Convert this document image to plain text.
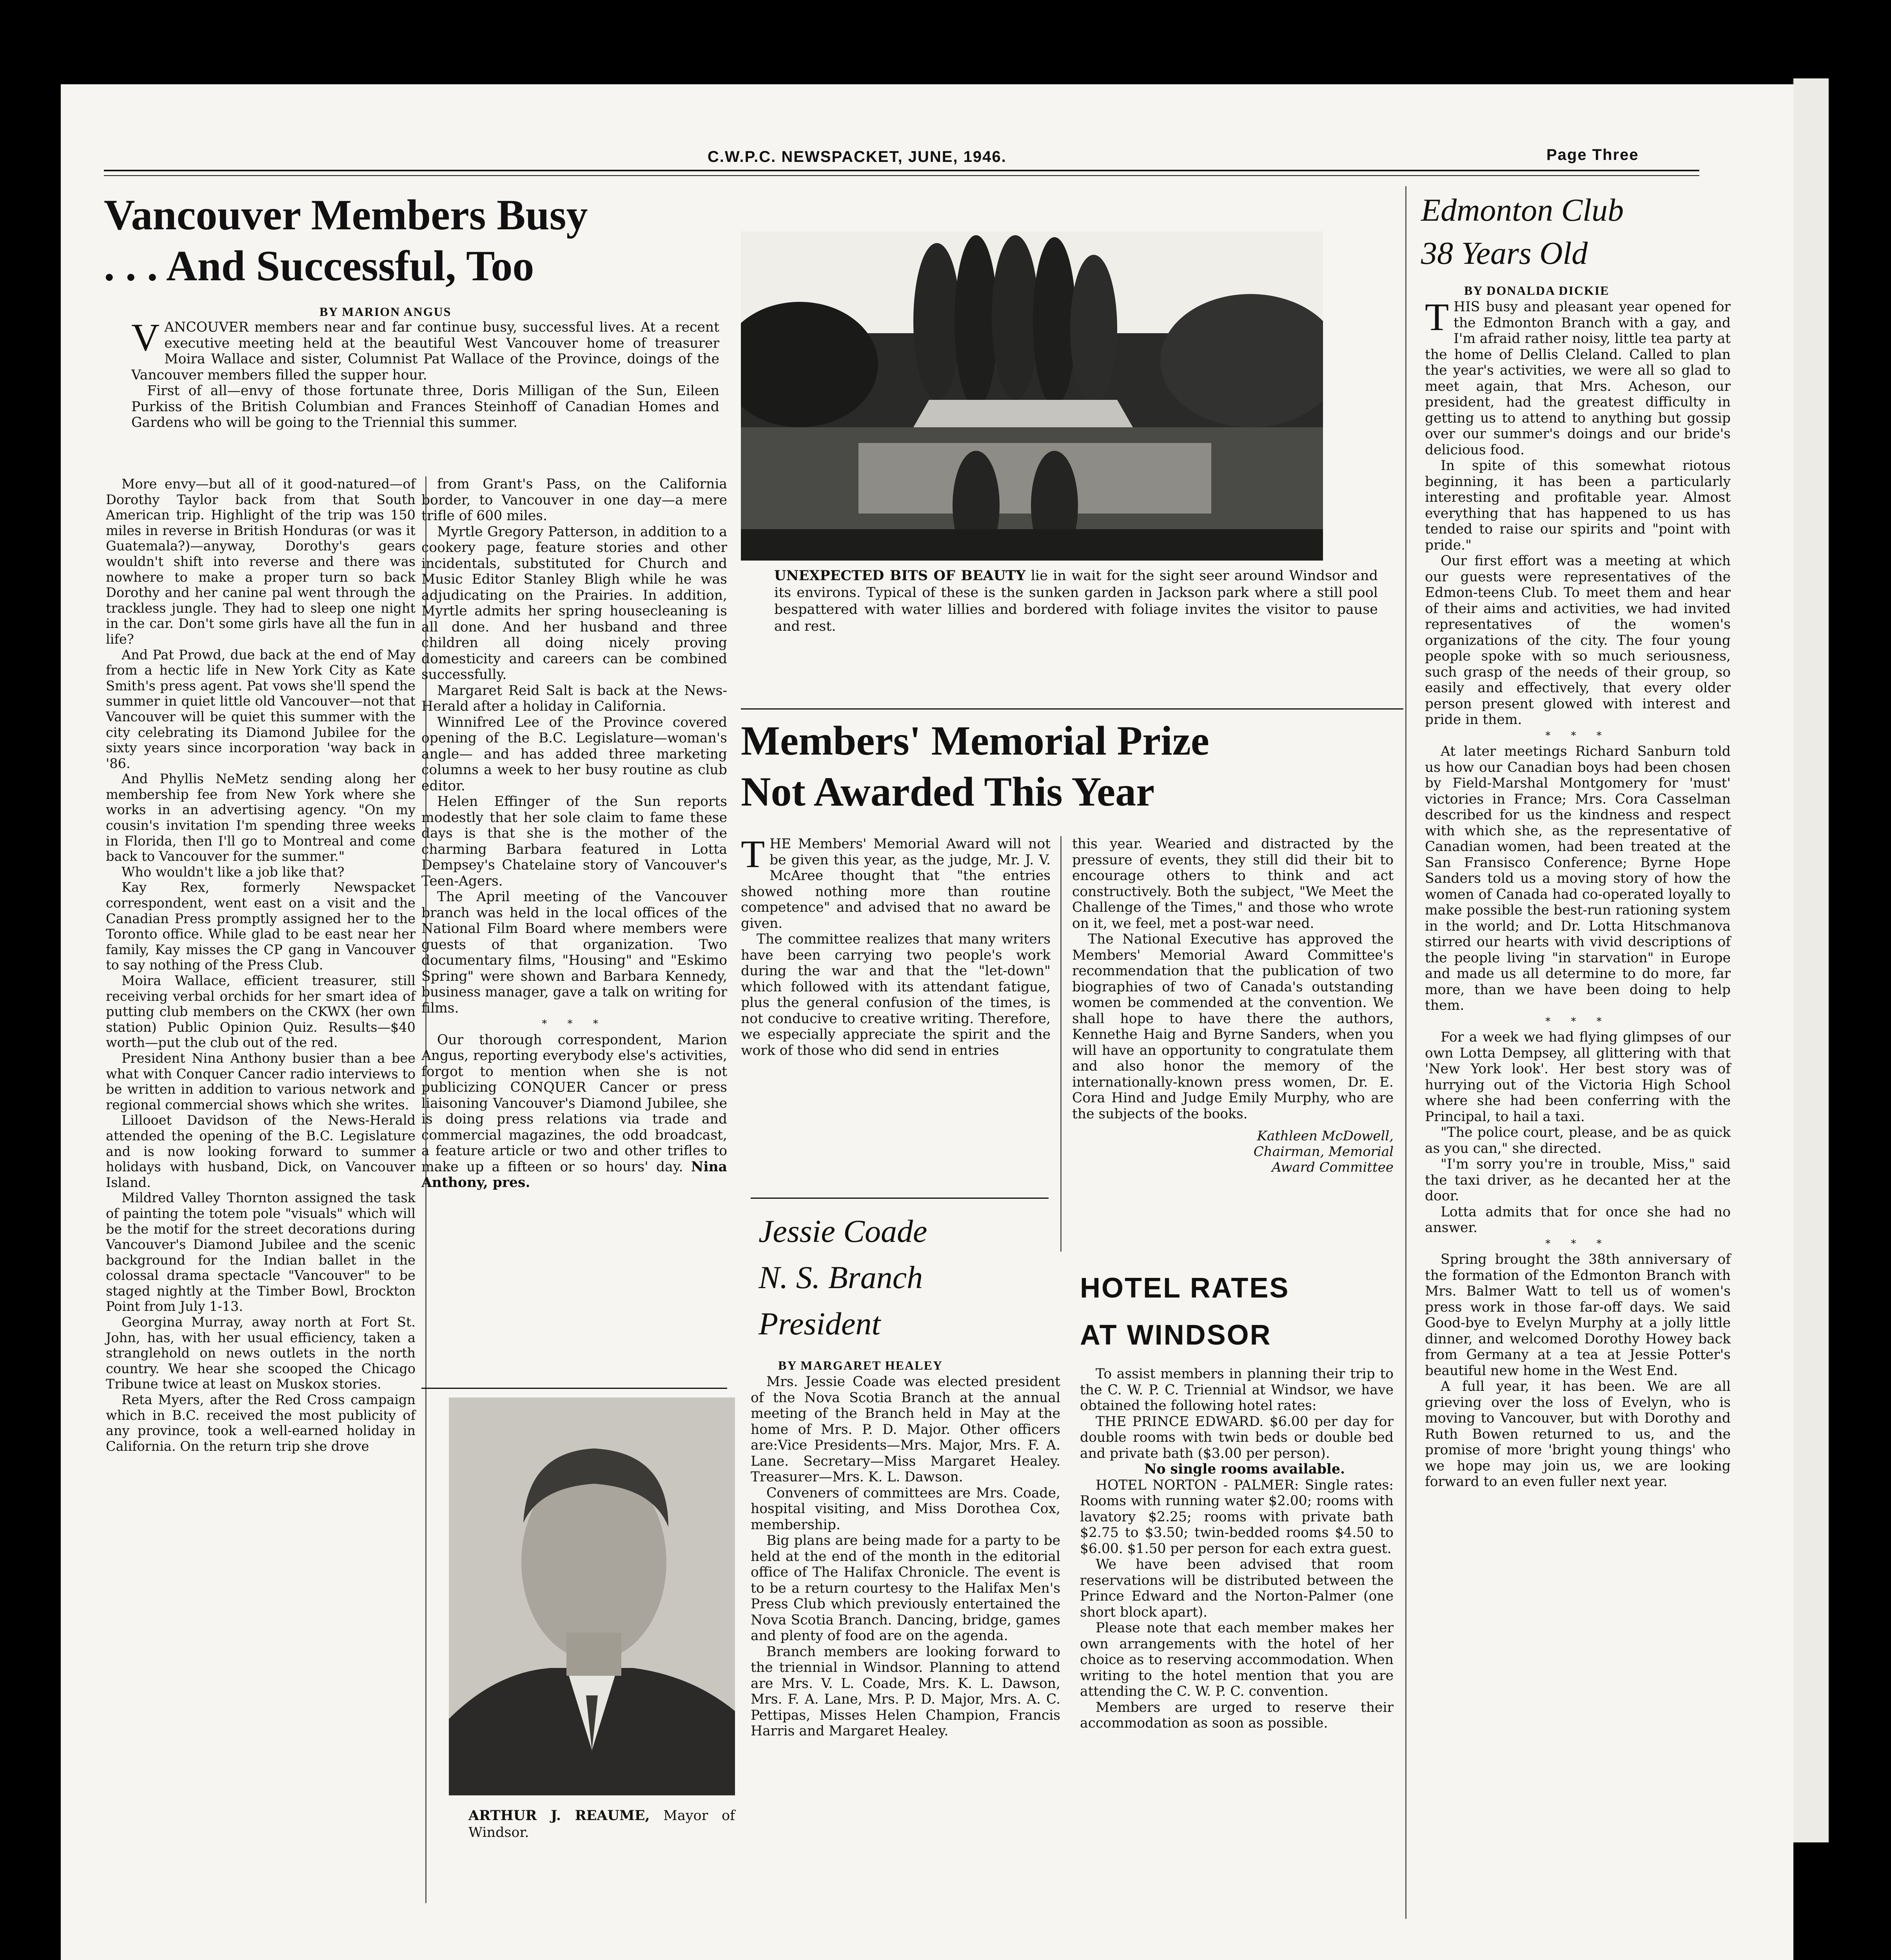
C.W.P.C. NEWSPACKET, JUNE, 1946.	Page Three
Vancouver Members Busy
. . . And Successful, Too
BY MARION ANGUS

VANCOUVER members near and far continue busy, successful lives. At a recent executive meeting held at the beautiful West Vancouver home of treasurer Moira Wallace and sister, Columnist Pat Wallace of the Province, doings of the Vancouver members filled the supper hour.

First of all—envy of those fortunate three, Doris Milligan of the Sun, Eileen Purkiss of the British Columbian and Frances Steinhoff of Canadian Homes and Gardens who will be going to the Triennial this summer.

More envy—but all of it good-natured—of Dorothy Taylor back from that South American trip. Highlight of the trip was 150 miles in reverse in British Honduras (or was it Guatemala?)—anyway, Dorothy's gears wouldn't shift into reverse and there was nowhere to make a proper turn so back Dorothy and her canine pal went through the trackless jungle. They had to sleep one night in the car. Don't some girls have all the fun in life?

And Pat Prowd, due back at the end of May from a hectic life in New York City as Kate Smith's press agent. Pat vows she'll spend the summer in quiet little old Vancouver—not that Vancouver will be quiet this summer with the city celebrating its Diamond Jubilee for the sixty years since incorporation 'way back in '86.

And Phyllis NeMetz sending along her membership fee from New York where she works in an advertising agency. "On my cousin's invitation I'm spending three weeks in Florida, then I'll go to Montreal and come back to Vancouver for the summer."

Who wouldn't like a job like that?

Kay Rex, formerly Newspacket correspondent, went east on a visit and the Canadian Press promptly assigned her to the Toronto office. While glad to be east near her family, Kay misses the CP gang in Vancouver to say nothing of the Press Club.

Moira Wallace, efficient treasurer, still receiving verbal orchids for her smart idea of putting club members on the CKWX (her own station) Public Opinion Quiz. Results—$40 worth—put the club out of the red.

President Nina Anthony busier than a bee what with Conquer Cancer radio interviews to be written in addition to various network and regional commercial shows which she writes.

Lillooet Davidson of the News-Herald attended the opening of the B.C. Legislature and is now looking forward to summer holidays with husband, Dick, on Vancouver Island.

Mildred Valley Thornton assigned the task of painting the totem pole "visuals" which will be the motif for the street decorations during Vancouver's Diamond Jubilee and the scenic background for the Indian ballet in the colossal drama spectacle "Vancouver" to be staged nightly at the Timber Bowl, Brockton Point from July 1-13.

Georgina Murray, away north at Fort St. John, has, with her usual efficiency, taken a stranglehold on news outlets in the north country. We hear she scooped the Chicago Tribune twice at least on Muskox stories.

Reta Myers, after the Red Cross campaign which in B.C. received the most publicity of any province, took a well-earned holiday in California. On the return trip she drove

from Grant's Pass, on the California border, to Vancouver in one day—a mere trifle of 600 miles.

Myrtle Gregory Patterson, in addition to a cookery page, feature stories and other incidentals, substituted for Church and Music Editor Stanley Bligh while he was adjudicating on the Prairies. In addition, Myrtle admits her spring housecleaning is all done. And her husband and three children all doing nicely proving domesticity and careers can be combined successfully.

Margaret Reid Salt is back at the News-Herald after a holiday in California.

Winnifred Lee of the Province covered opening of the B.C. Legislature—woman's angle— and has added three marketing columns a week to her busy routine as club editor.

Helen Effinger of the Sun reports modestly that her sole claim to fame these days is that she is the mother of the charming Barbara featured in Lotta Dempsey's Chatelaine story of Vancouver's Teen-Agers.

The April meeting of the Vancouver branch was held in the local offices of the National Film Board where members were guests of that organization. Two documentary films, "Housing" and "Eskimo Spring" were shown and Barbara Kennedy, business manager, gave a talk on writing for films.

* * *

Our thorough correspondent, Marion Angus, reporting everybody else's activities, forgot to mention when she is not publicizing CONQUER Cancer or press liaisoning Vancouver's Diamond Jubilee, she is doing press relations via trade and commercial magazines, the odd broadcast, a feature article or two and other trifles to make up a fifteen or so hours' day. Nina Anthony, pres.

ARTHUR J. REAUME, Mayor of Windsor.
UNEXPECTED BITS OF BEAUTY lie in wait for the sight seer around Windsor and its environs. Typical of these is the sunken garden in Jackson park where a still pool bespattered with water lillies and bordered with foliage invites the visitor to pause and rest.
Members' Memorial Prize
Not Awarded This Year

THE Members' Memorial Award will not be given this year, as the judge, Mr. J. V. McAree thought that "the entries showed nothing more than routine competence" and advised that no award be given.

The committee realizes that many writers have been carrying two people's work during the war and that the "let-down" which followed with its attendant fatigue, plus the general confusion of the times, is not conducive to creative writing. Therefore, we especially appreciate the spirit and the work of those who did send in entries

this year. Wearied and distracted by the pressure of events, they still did their bit to encourage others to think and act constructively. Both the subject, "We Meet the Challenge of the Times," and those who wrote on it, we feel, met a post-war need.

The National Executive has approved the Members' Memorial Award Committee's recommendation that the publication of two biographies of two of Canada's outstanding women be commended at the convention. We shall hope to have there the authors, Kennethe Haig and Byrne Sanders, when you will have an opportunity to congratulate them and also honor the memory of the internationally-known press women, Dr. E. Cora Hind and Judge Emily Murphy, who are the subjects of the books.

Kathleen McDowell,
Chairman, Memorial
Award Committee
Jessie Coade
N. S. Branch
President
BY MARGARET HEALEY

Mrs. Jessie Coade was elected president of the Nova Scotia Branch at the annual meeting of the Branch held in May at the home of Mrs. P. D. Major. Other officers are:Vice Presidents—Mrs. Major, Mrs. F. A. Lane. Secretary—Miss Margaret Healey. Treasurer—Mrs. K. L. Dawson.

Conveners of committees are Mrs. Coade, hospital visiting, and Miss Dorothea Cox, membership.

Big plans are being made for a party to be held at the end of the month in the editorial office of The Halifax Chronicle. The event is to be a return courtesy to the Halifax Men's Press Club which previously entertained the Nova Scotia Branch. Dancing, bridge, games and plenty of food are on the agenda.

Branch members are looking forward to the triennial in Windsor. Planning to attend are Mrs. V. L. Coade, Mrs. K. L. Dawson, Mrs. F. A. Lane, Mrs. P. D. Major, Mrs. A. C. Pettipas, Misses Helen Champion, Francis Harris and Margaret Healey.

HOTEL RATES
AT WINDSOR

To assist members in planning their trip to the C. W. P. C. Triennial at Windsor, we have obtained the following hotel rates:

THE PRINCE EDWARD. $6.00 per day for double rooms with twin beds or double bed and private bath ($3.00 per person).

No single rooms available.

HOTEL NORTON - PALMER: Single rates: Rooms with running water $2.00; rooms with lavatory $2.25; rooms with private bath $2.75 to $3.50; twin-bedded rooms $4.50 to $6.00. $1.50 per person for each extra guest.

We have been advised that room reservations will be distributed between the Prince Edward and the Norton-Palmer (one short block apart).

Please note that each member makes her own arrangements with the hotel of her choice as to reserving accommodation. When writing to the hotel mention that you are attending the C. W. P. C. convention.

Members are urged to reserve their accommodation as soon as possible.

Edmonton Club
38 Years Old
BY DONALDA DICKIE

THIS busy and pleasant year opened for the Edmonton Branch with a gay, and I'm afraid rather noisy, little tea party at the home of Dellis Cleland. Called to plan the year's activities, we were all so glad to meet again, that Mrs. Acheson, our president, had the greatest difficulty in getting us to attend to anything but gossip over our summer's doings and our bride's delicious food.

In spite of this somewhat riotous beginning, it has been a particularly interesting and profitable year. Almost everything that has happened to us has tended to raise our spirits and "point with pride."

Our first effort was a meeting at which our guests were representatives of the Edmon-teens Club. To meet them and hear of their aims and activities, we had invited representatives of the women's organizations of the city. The four young people spoke with so much seriousness, such grasp of the needs of their group, so easily and effectively, that every older person present glowed with interest and pride in them.

* * *

At later meetings Richard Sanburn told us how our Canadian boys had been chosen by Field-Marshal Montgomery for 'must' victories in France; Mrs. Cora Casselman described for us the kindness and respect with which she, as the representative of Canadian women, had been treated at the San Fransisco Conference; Byrne Hope Sanders told us a moving story of how the women of Canada had co-operated loyally to make possible the best-run rationing system in the world; and Dr. Lotta Hitschmanova stirred our hearts with vivid descriptions of the people living "in starvation" in Europe and made us all determine to do more, far more, than we have been doing to help them.

* * *

For a week we had flying glimpses of our own Lotta Dempsey, all glittering with that 'New York look'. Her best story was of hurrying out of the Victoria High School where she had been conferring with the Principal, to hail a taxi.

"The police court, please, and be as quick as you can," she directed.

"I'm sorry you're in trouble, Miss," said the taxi driver, as he decanted her at the door.

Lotta admits that for once she had no answer.

* * *

Spring brought the 38th anniversary of the formation of the Edmonton Branch with Mrs. Balmer Watt to tell us of women's press work in those far-off days. We said Good-bye to Evelyn Murphy at a jolly little dinner, and welcomed Dorothy Howey back from Germany at a tea at Jessie Potter's beautiful new home in the West End.

A full year, it has been. We are all grieving over the loss of Evelyn, who is moving to Vancouver, but with Dorothy and Ruth Bowen returned to us, and the promise of more 'bright young things' who we hope may join us, we are looking forward to an even fuller next year.
